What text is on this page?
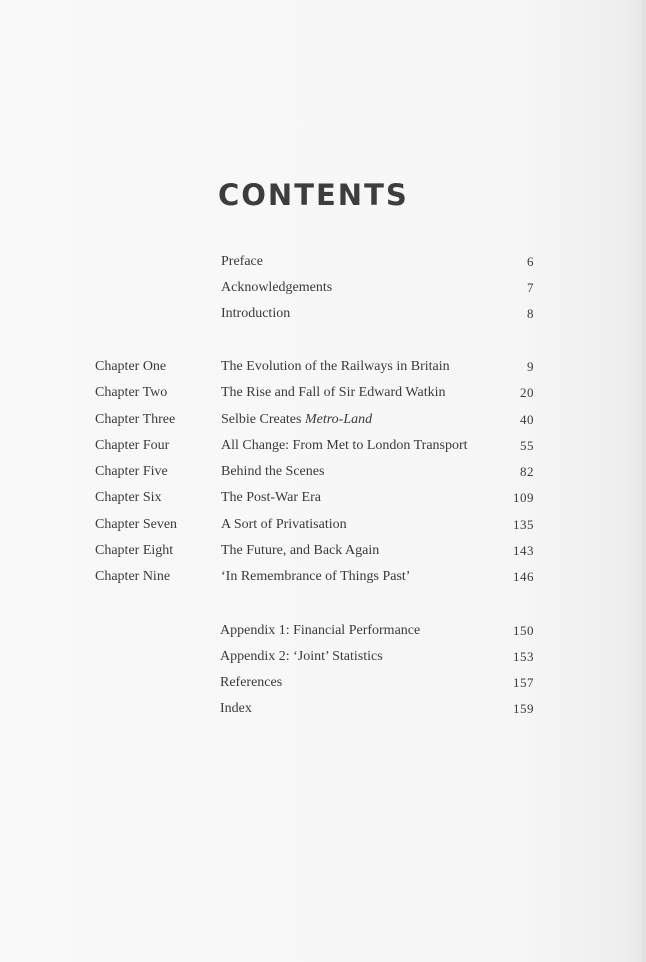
CONTENTS
Preface	6
Acknowledgements	7
Introduction	8
Chapter One	The Evolution of the Railways in Britain	9
Chapter Two	The Rise and Fall of Sir Edward Watkin	20
Chapter Three	Selbie Creates Metro-Land	40
Chapter Four	All Change: From Met to London Transport	55
Chapter Five	Behind the Scenes	82
Chapter Six	The Post-War Era	109
Chapter Seven	A Sort of Privatisation	135
Chapter Eight	The Future, and Back Again	143
Chapter Nine	‘In Remembrance of Things Past’	146
Appendix 1: Financial Performance	150
Appendix 2: ‘Joint’ Statistics	153
References	157
Index	159
